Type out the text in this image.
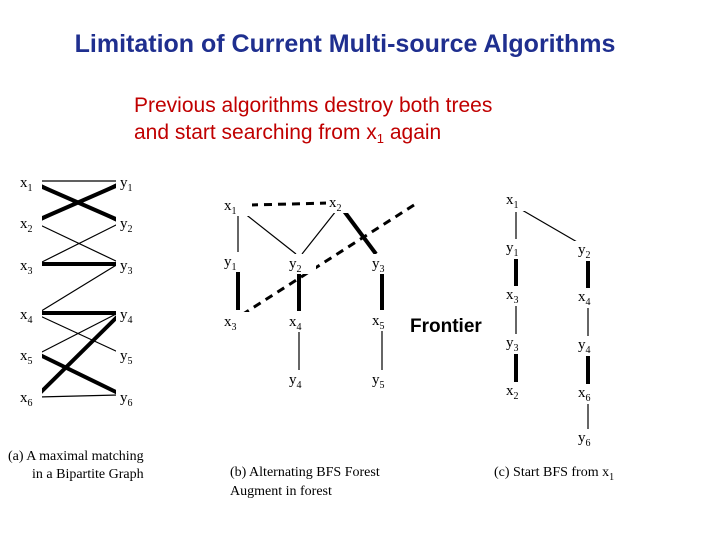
Limitation of Current Multi-source Algorithms
Previous algorithms destroy both trees
and start searching from $x_1$ again
$x_1$
$x_2$
$x_3$
$x_4$
$x_5$
$x_6$
$y_1$
$y_2$
$y_3$
$y_4$
$y_5$
$y_6$
(a) A maximal matching
in a Bipartite Graph
$x_1$
$x_2$
$y_1$	$y_2$	$y_3$
$x_3$	$x_4$	$x_5$
$y_4$	$y_5$
Frontier
(b) Alternating BFS Forest
Augment in forest
$x_1$
$y_1$	$y_2$
$x_3$	$x_4$
$y_3$	$y_4$
$x_2$	$x_6$
$y_6$
(c) Start BFS from $x_1$
